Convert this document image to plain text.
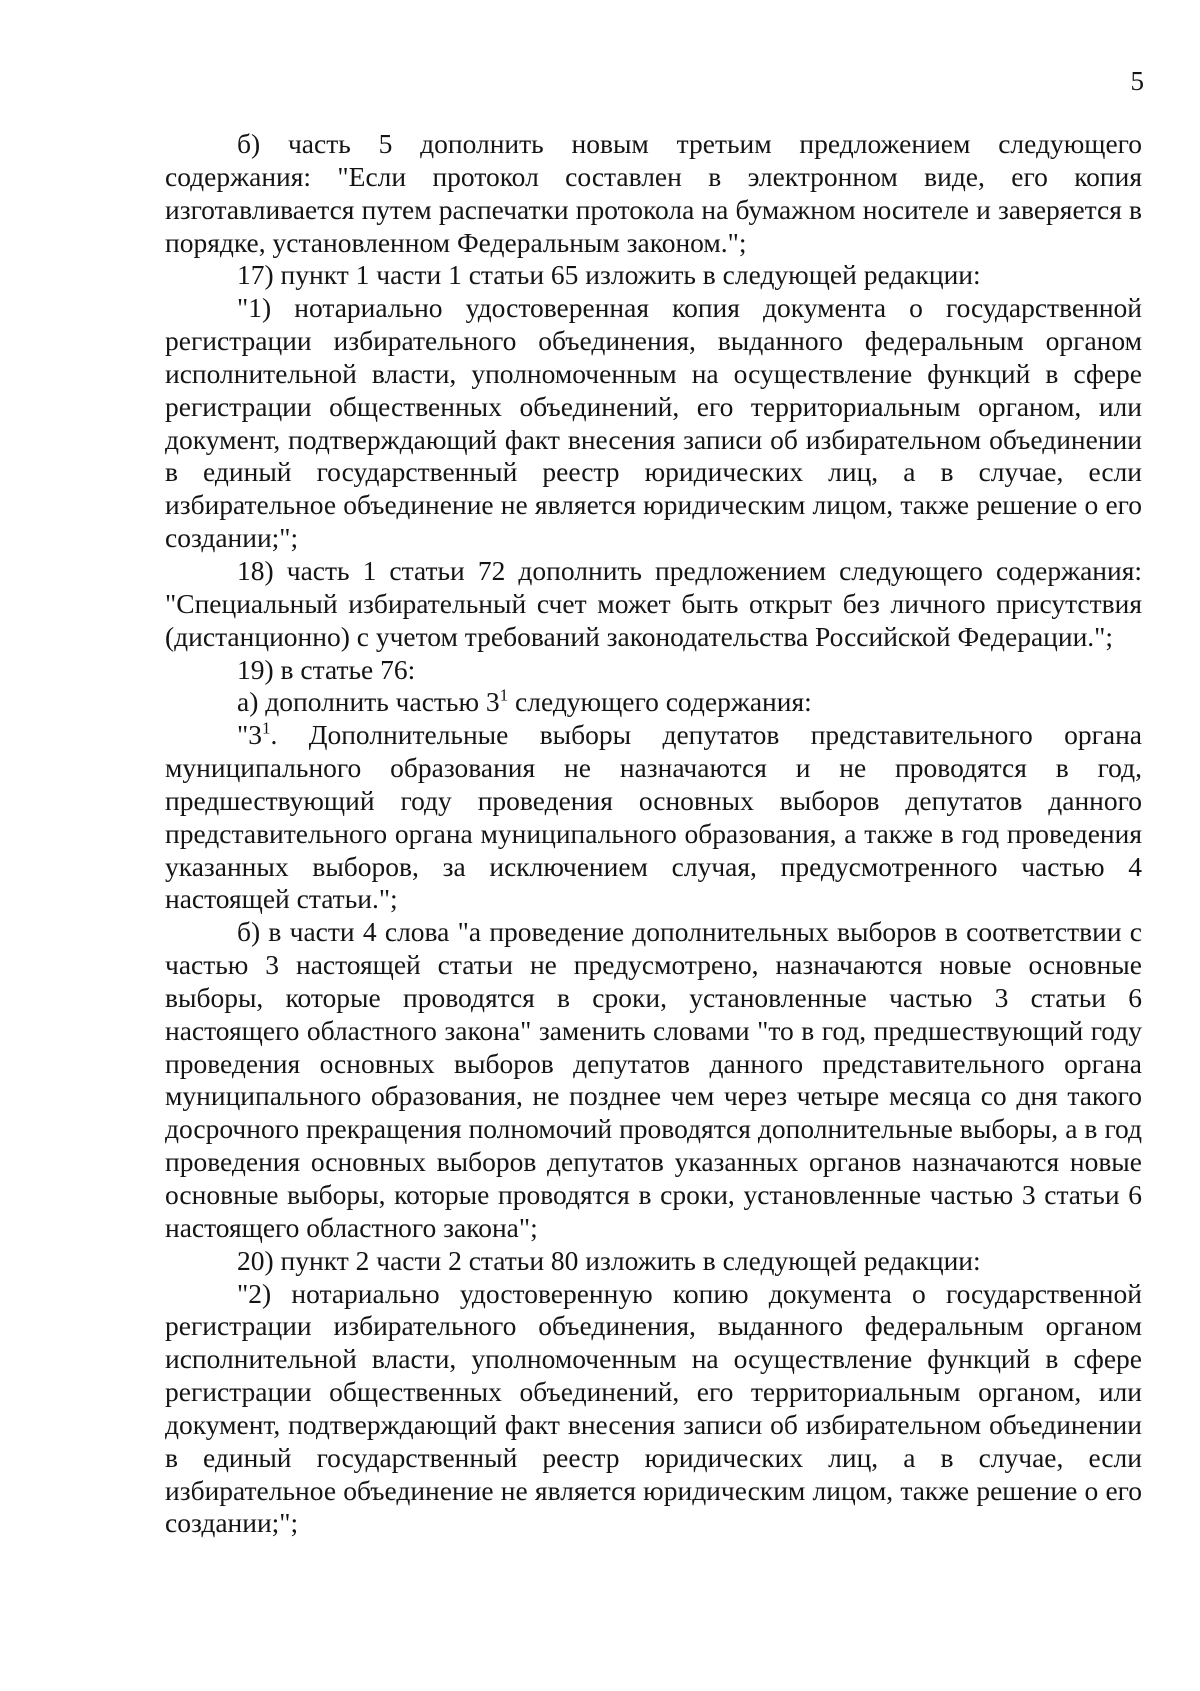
5

б) часть 5 дополнить новым третьим предложением следующего содержания: "Если протокол составлен в электронном виде, его копия изготавливается путем распечатки протокола на бумажном носителе и заверяется в порядке, установленном Федеральным законом.";

17) пункт 1 части 1 статьи 65 изложить в следующей редакции:

"1) нотариально удостоверенная копия документа о государственной регистрации избирательного объединения, выданного федеральным органом исполнительной власти, уполномоченным на осуществление функций в сфере регистрации общественных объединений, его территориальным органом, или документ, подтверждающий факт внесения записи об избирательном объединении в единый государственный реестр юридических лиц, а в случае, если избирательное объединение не является юридическим лицом, также решение о его создании;";

18) часть 1 статьи 72 дополнить предложением следующего содержания: "Специальный избирательный счет может быть открыт без личного присутствия (дистанционно) с учетом требований законодательства Российской Федерации.";

19) в статье 76:

а) дополнить частью $3^1$ следующего содержания:

"$3^1$. Дополнительные выборы депутатов представительного органа муниципального образования не назначаются и не проводятся в год, предшествующий году проведения основных выборов депутатов данного представительного органа муниципального образования, а также в год проведения указанных выборов, за исключением случая, предусмотренного частью 4 настоящей статьи.";

б) в части 4 слова "а проведение дополнительных выборов в соответствии с частью 3 настоящей статьи не предусмотрено, назначаются новые основные выборы, которые проводятся в сроки, установленные частью 3 статьи 6 настоящего областного закона" заменить словами "то в год, предшествующий году проведения основных выборов депутатов данного представительного органа муниципального образования, не позднее чем через четыре месяца со дня такого досрочного прекращения полномочий проводятся дополнительные выборы, а в год проведения основных выборов депутатов указанных органов назначаются новые основные выборы, которые проводятся в сроки, установленные частью 3 статьи 6 настоящего областного закона";

20) пункт 2 части 2 статьи 80 изложить в следующей редакции:

"2) нотариально удостоверенную копию документа о государственной регистрации избирательного объединения, выданного федеральным органом исполнительной власти, уполномоченным на осуществление функций в сфере регистрации общественных объединений, его территориальным органом, или документ, подтверждающий факт внесения записи об избирательном объединении в единый государственный реестр юридических лиц, а в случае, если избирательное объединение не является юридическим лицом, также решение о его создании;";
